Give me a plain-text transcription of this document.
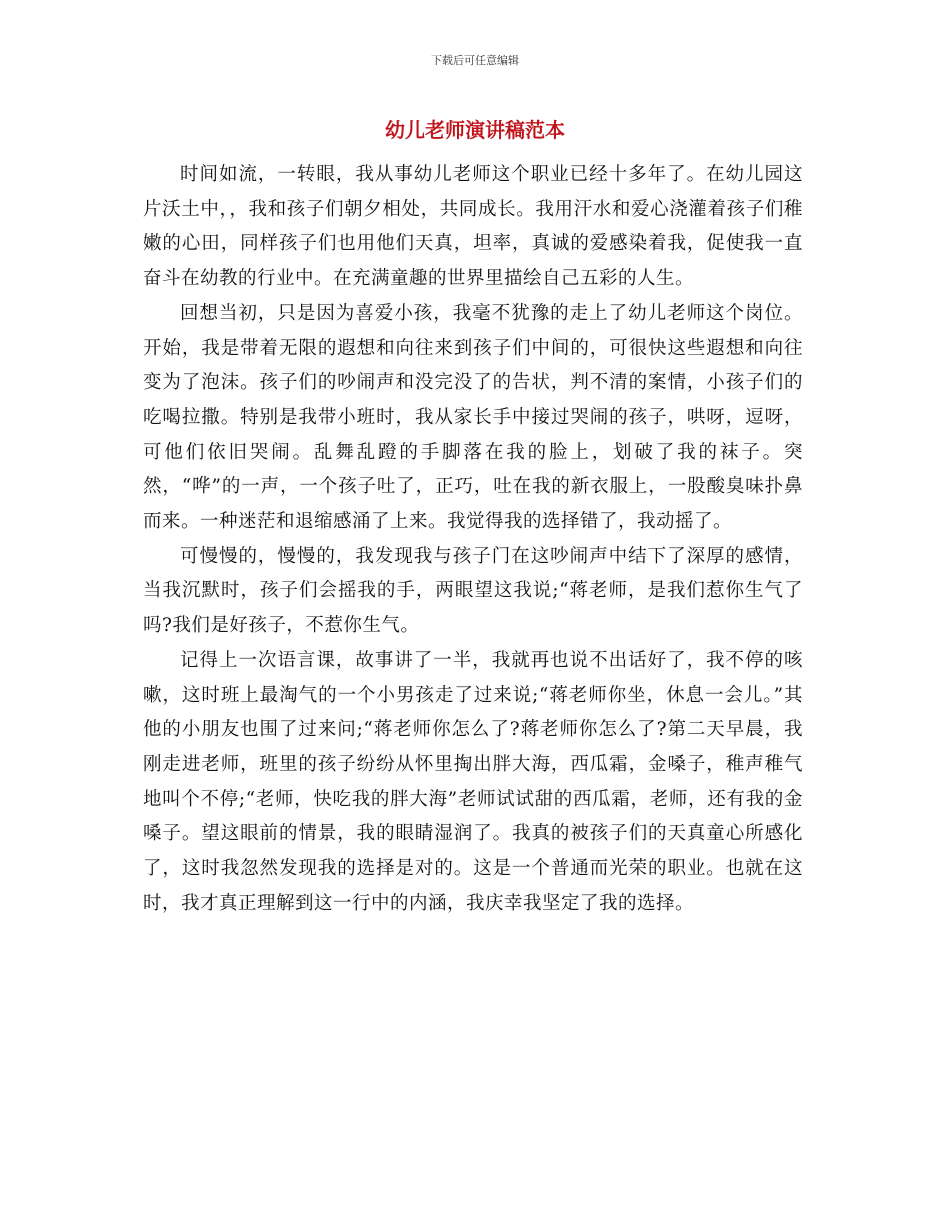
下载后可任意编辑
幼儿老师演讲稿范本

时间如流，一转眼，我从事幼儿老师这个职业已经十多年了。在幼儿园这片沃土中，，我和孩子们朝夕相处，共同成长。我用汗水和爱心浇灌着孩子们稚嫩的心田，同样孩子们也用他们天真，坦率，真诚的爱感染着我，促使我一直奋斗在幼教的行业中。在充满童趣的世界里描绘自己五彩的人生。

回想当初，只是因为喜爱小孩，我毫不犹豫的走上了幼儿老师这个岗位。开始，我是带着无限的遐想和向往来到孩子们中间的，可很快这些遐想和向往变为了泡沫。孩子们的吵闹声和没完没了的告状，判不清的案情，小孩子们的吃喝拉撒。特别是我带小班时，我从家长手中接过哭闹的孩子，哄呀，逗呀，可他们依旧哭闹。乱舞乱蹬的手脚落在我的脸上，划破了我的袜子。突然，“哗”的一声，一个孩子吐了，正巧，吐在我的新衣服上，一股酸臭味扑鼻而来。一种迷茫和退缩感涌了上来。我觉得我的选择错了，我动摇了。

可慢慢的，慢慢的，我发现我与孩子门在这吵闹声中结下了深厚的感情，当我沉默时，孩子们会摇我的手，两眼望这我说;“蒋老师，是我们惹你生气了吗?我们是好孩子，不惹你生气。

记得上一次语言课，故事讲了一半，我就再也说不出话好了，我不停的咳嗽，这时班上最淘气的一个小男孩走了过来说;“蒋老师你坐，休息一会儿。”其他的小朋友也围了过来问;“蒋老师你怎么了?蒋老师你怎么了?第二天早晨，我刚走进老师，班里的孩子纷纷从怀里掏出胖大海，西瓜霜，金嗓子，稚声稚气地叫个不停;“老师，快吃我的胖大海”老师试试甜的西瓜霜，老师，还有我的金嗓子。望这眼前的情景，我的眼睛湿润了。我真的被孩子们的天真童心所感化了，这时我忽然发现我的选择是对的。这是一个普通而光荣的职业。也就在这时，我才真正理解到这一行中的内涵，我庆幸我坚定了我的选择。
